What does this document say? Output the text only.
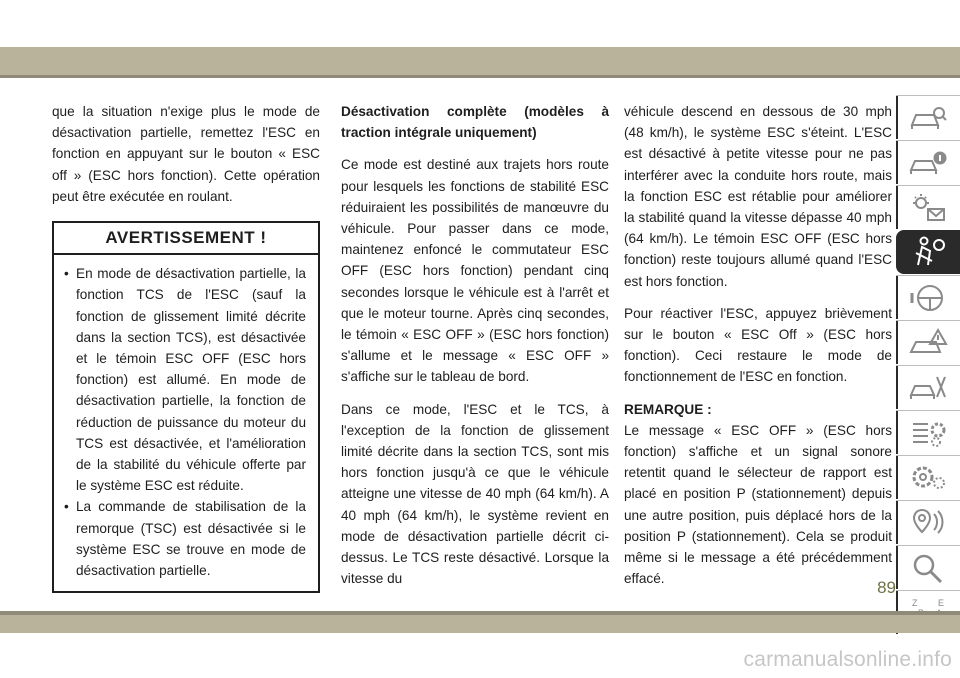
que la situation n'exige plus le mode de désactivation partielle, remettez l'ESC en fonction en appuyant sur le bouton « ESC off » (ESC hors fonction). Cette opération peut être exécutée en roulant.

AVERTISSEMENT !
• En mode de désactivation partielle, la fonction TCS de l'ESC (sauf la fonction de glissement limité décrite dans la section TCS), est désactivée et le témoin ESC OFF (ESC hors fonction) est allumé. En mode de désactivation partielle, la fonction de réduction de puissance du moteur du TCS est désactivée, et l'amélioration de la stabilité du véhicule offerte par le système ESC est réduite.
• La commande de stabilisation de la remorque (TSC) est désactivée si le système ESC se trouve en mode de désactivation partielle.
Désactivation complète (modèles à traction intégrale uniquement)

Ce mode est destiné aux trajets hors route pour lesquels les fonctions de stabilité ESC réduiraient les possibilités de manœuvre du véhicule. Pour passer dans ce mode, maintenez enfoncé le commutateur ESC OFF (ESC hors fonction) pendant cinq secondes lorsque le véhicule est à l'arrêt et que le moteur tourne. Après cinq secondes, le témoin « ESC OFF » (ESC hors fonction) s'allume et le message « ESC OFF » s'affiche sur le tableau de bord.

Dans ce mode, l'ESC et le TCS, à l'exception de la fonction de glissement limité décrite dans la section TCS, sont mis hors fonction jusqu'à ce que le véhicule atteigne une vitesse de 40 mph (64 km/h). A 40 mph (64 km/h), le système revient en mode de désactivation partielle décrit ci-dessus. Le TCS reste désactivé. Lorsque la vitesse du

véhicule descend en dessous de 30 mph (48 km/h), le système ESC s'éteint. L'ESC est désactivé à petite vitesse pour ne pas interférer avec la conduite hors route, mais la fonction ESC est rétablie pour améliorer la stabilité quand la vitesse dépasse 40 mph (64 km/h). Le témoin ESC OFF (ESC hors fonction) reste toujours allumé quand l'ESC est hors fonction.

Pour réactiver l'ESC, appuyez brièvement sur le bouton « ESC Off » (ESC hors fonction). Ceci restaure le mode de fonctionnement de l'ESC en fonction.

REMARQUE :

Le message « ESC OFF » (ESC hors fonction) s'affiche et un signal sonore retentit quand le sélecteur de rapport est placé en position P (stationnement) depuis une autre position, puis déplacé hors de la position P (stationnement). Cela se produit même si le message a été précédemment effacé.

Z E
89
carmanualsonline.info
